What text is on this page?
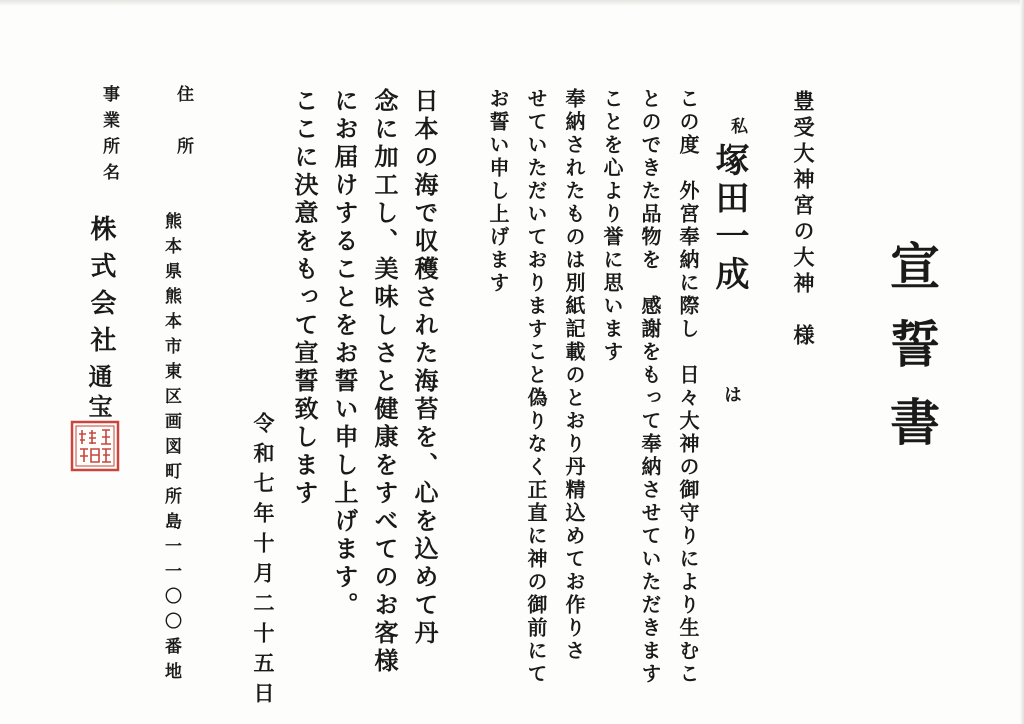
宣誓書
豊受大神宮の大神　様
私
塚田一成
は
この度　外宮奉納に際し　日々大神の御守りにより生むこ
とのできた品物を　感謝をもって奉納させていただきます
ことを心より誉に思います
奉納されたものは別紙記載のとおり丹精込めてお作りさ
せていただいておりますこと偽りなく正直に神の御前にて
お誓い申し上げます
日本の海で収穫された海苔を、心を込めて丹
念に加工し、美味しさと健康をすべてのお客様
にお届けすることをお誓い申し上げます。
ここに決意をもって宣誓致します
令和七年十月二十五日
住　所
熊本県熊本市東区画図町所島一一〇〇番地
事業所名
株式会社
通宝
